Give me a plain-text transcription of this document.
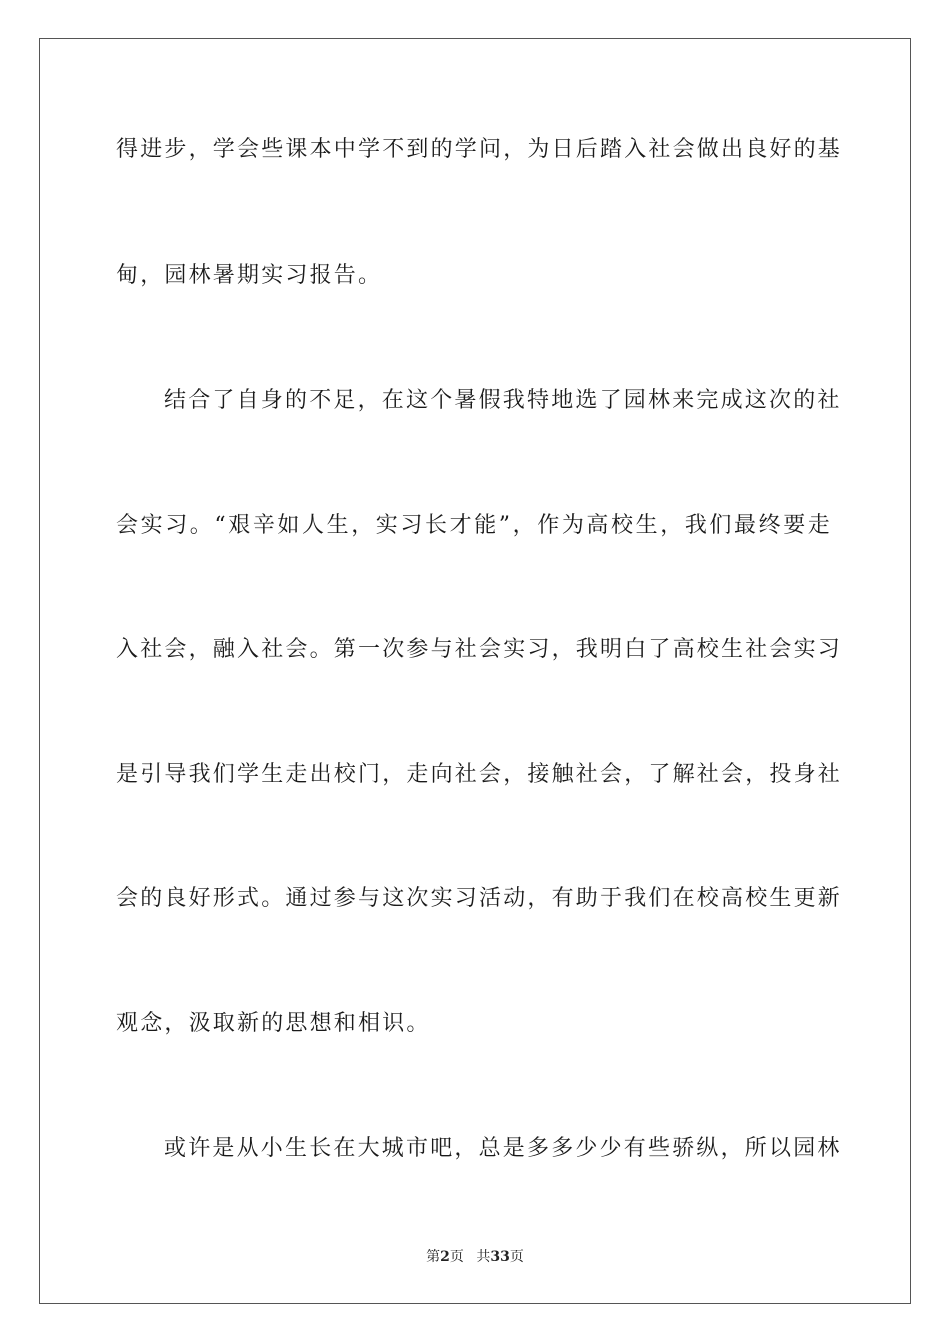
得进步，学会些课本中学不到的学问，为日后踏入社会做出良好的基
甸，园林暑期实习报告。
结合了自身的不足，在这个暑假我特地选了园林来完成这次的社
会实习。“艰辛如人生，实习长才能”，作为高校生，我们最终要走
入社会，融入社会。第一次参与社会实习，我明白了高校生社会实习
是引导我们学生走出校门，走向社会，接触社会，了解社会，投身社
会的良好形式。通过参与这次实习活动，有助于我们在校高校生更新
观念，汲取新的思想和相识。
或许是从小生长在大城市吧，总是多多少少有些骄纵，所以园林
第2页 共33页
